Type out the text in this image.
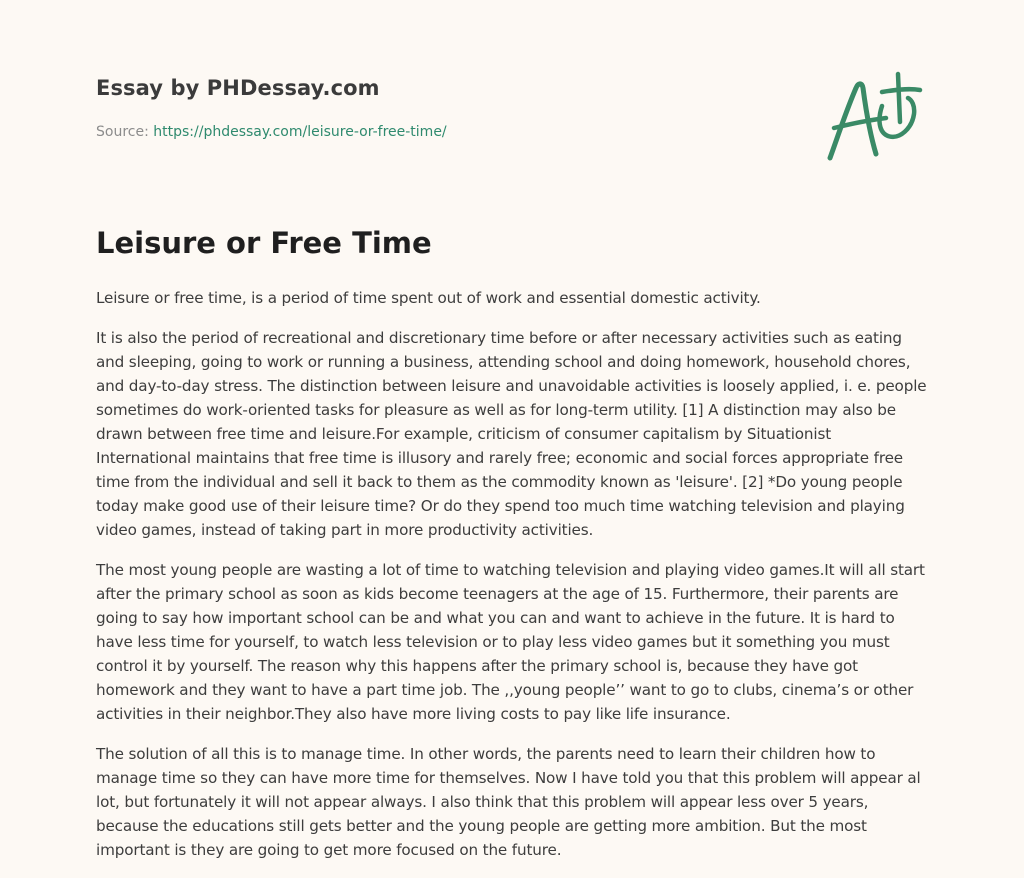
Essay by PHDessay.com

Source: https://phdessay.com/leisure-or-free-time/

Leisure or Free Time

Leisure or free time, is a period of time spent out of work and essential domestic activity.

It is also the period of recreational and discretionary time before or after necessary activities such as eating and sleeping, going to work or running a business, attending school and doing homework, household chores, and day-to-day stress. The distinction between leisure and unavoidable activities is loosely applied, i. e. people sometimes do work-oriented tasks for pleasure as well as for long-term utility. [1] A distinction may also be drawn between free time and leisure.For example, criticism of consumer capitalism by Situationist International maintains that free time is illusory and rarely free; economic and social forces appropriate free time from the individual and sell it back to them as the commodity known as 'leisure'. [2] *Do young people today make good use of their leisure time? Or do they spend too much time watching television and playing video games, instead of taking part in more productivity activities.

The most young people are wasting a lot of time to watching television and playing video games.It will all start after the primary school as soon as kids become teenagers at the age of 15. Furthermore, their parents are going to say how important school can be and what you can and want to achieve in the future. It is hard to have less time for yourself, to watch less television or to play less video games but it something you must control it by yourself. The reason why this happens after the primary school is, because they have got homework and they want to have a part time job. The ,,young people’’ want to go to clubs, cinema’s or other activities in their neighbor.They also have more living costs to pay like life insurance.

The solution of all this is to manage time. In other words, the parents need to learn their children how to manage time so they can have more time for themselves. Now I have told you that this problem will appear al lot, but fortunately it will not appear always. I also think that this problem will appear less over 5 years, because the educations still gets better and the young people are getting more ambition. But the most important is they are going to get more focused on the future.
